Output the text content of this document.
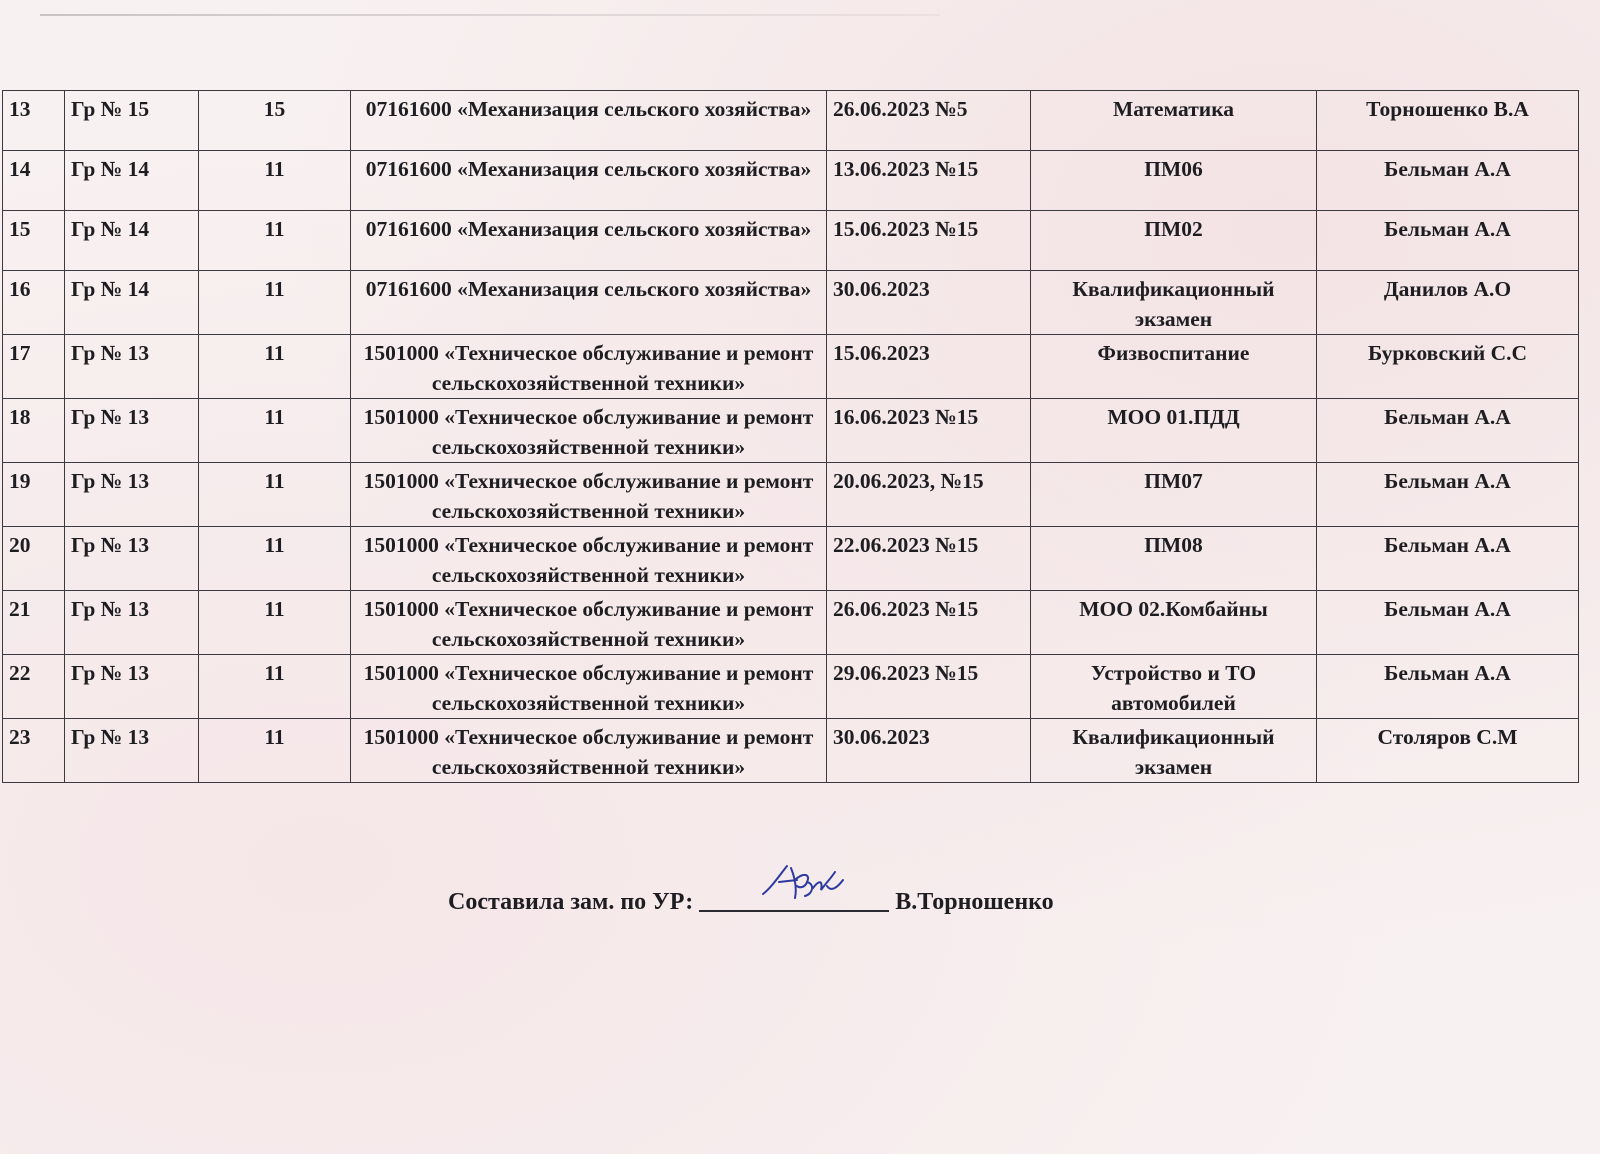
13	Гр № 15	15	07161600 «Механизация сельского хозяйства»	26.06.2023 №5	Математика	Торношенко В.А
14	Гр № 14	11	07161600 «Механизация сельского хозяйства»	13.06.2023 №15	ПМ06	Бельман А.А
15	Гр № 14	11	07161600 «Механизация сельского хозяйства»	15.06.2023 №15	ПМ02	Бельман А.А
16	Гр № 14	11	07161600 «Механизация сельского хозяйства»	30.06.2023	Квалификационный экзамен	Данилов А.О
17	Гр № 13	11	1501000 «Техническое обслуживание и ремонт сельскохозяйственной техники»	15.06.2023	Физвоспитание	Бурковский С.С
18	Гр № 13	11	1501000 «Техническое обслуживание и ремонт сельскохозяйственной техники»	16.06.2023 №15	МОО 01.ПДД	Бельман А.А
19	Гр № 13	11	1501000 «Техническое обслуживание и ремонт сельскохозяйственной техники»	20.06.2023, №15	ПМ07	Бельман А.А
20	Гр № 13	11	1501000 «Техническое обслуживание и ремонт сельскохозяйственной техники»	22.06.2023 №15	ПМ08	Бельман А.А
21	Гр № 13	11	1501000 «Техническое обслуживание и ремонт сельскохозяйственной техники»	26.06.2023 №15	МОО 02.Комбайны	Бельман А.А
22	Гр № 13	11	1501000 «Техническое обслуживание и ремонт сельскохозяйственной техники»	29.06.2023 №15	Устройство и ТО автомобилей	Бельман А.А
23	Гр № 13	11	1501000 «Техническое обслуживание и ремонт сельскохозяйственной техники»	30.06.2023	Квалификационный экзамен	Столяров С.М
Составила зам. по УР:	В.Торношенко
